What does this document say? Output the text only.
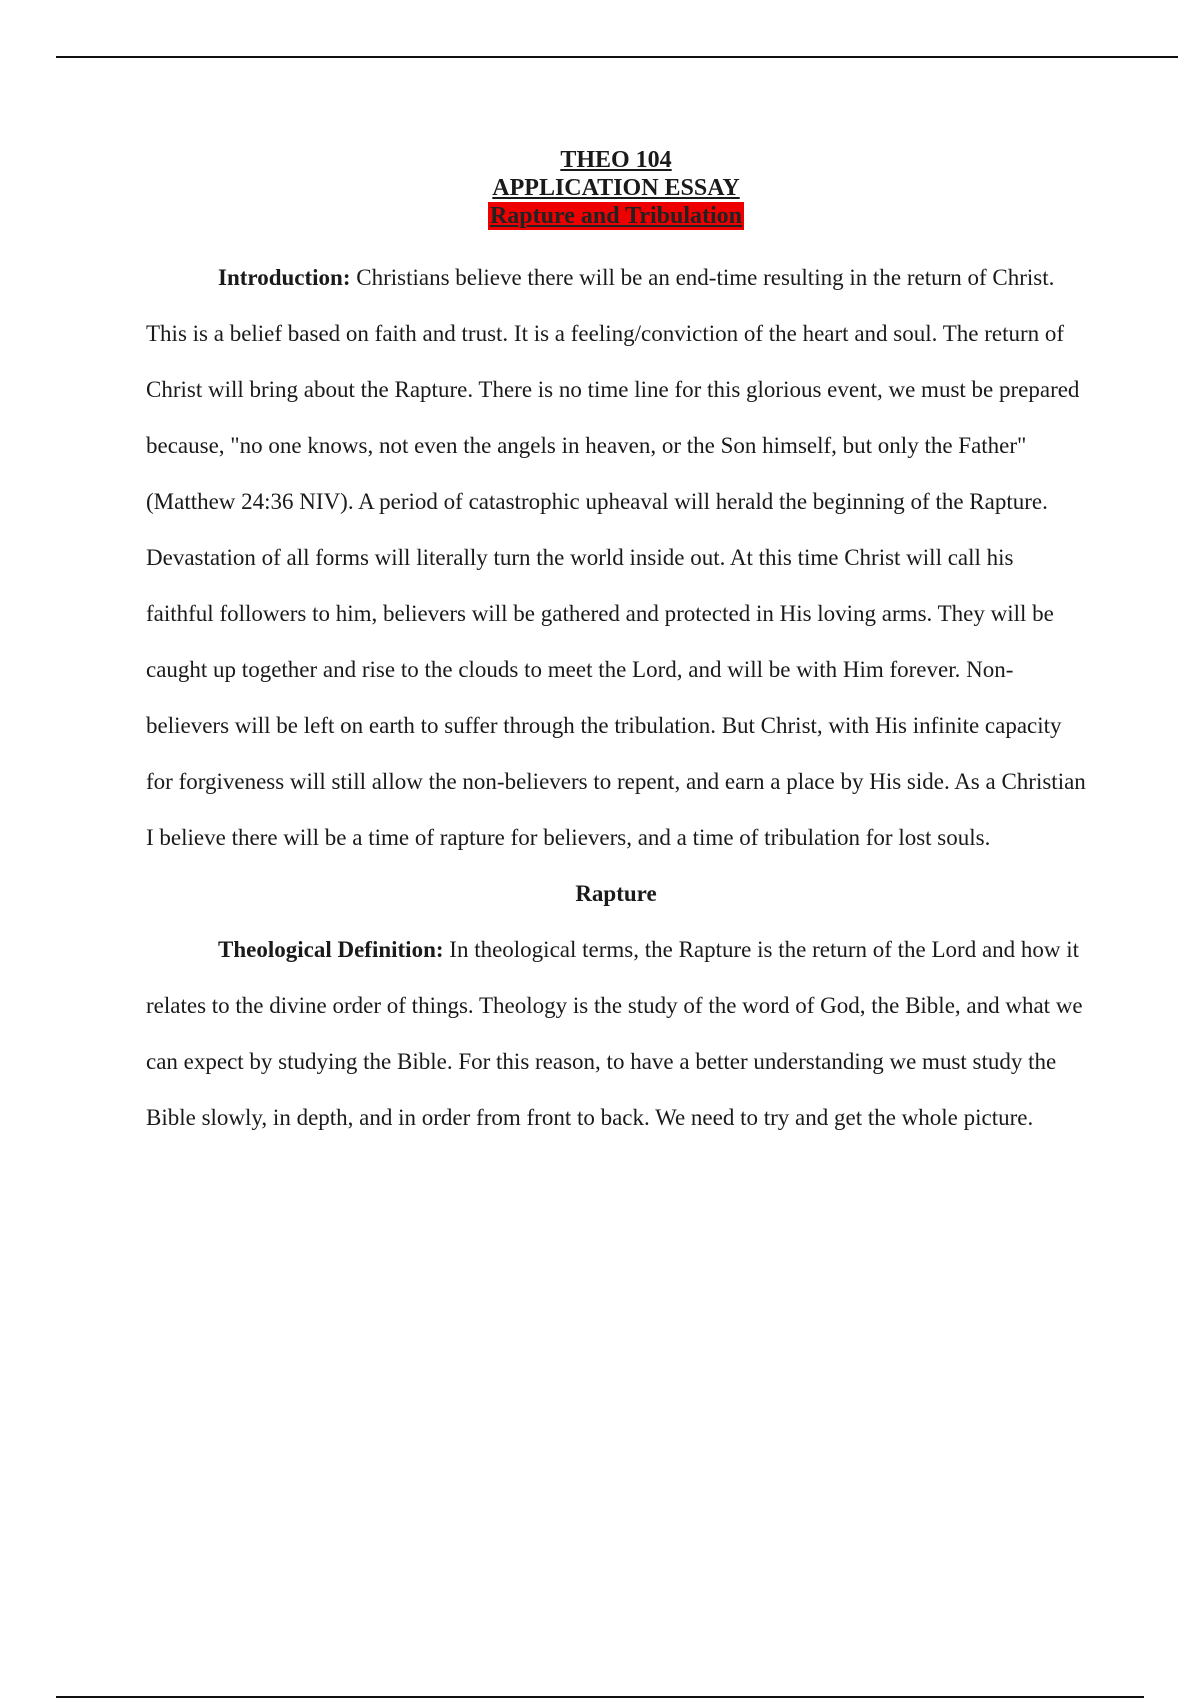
THEO 104
APPLICATION ESSAY
Rapture and Tribulation

Introduction: Christians believe there will be an end-time resulting in the return of Christ. This is a belief based on faith and trust. It is a feeling/conviction of the heart and soul. The return of Christ will bring about the Rapture. There is no time line for this glorious event, we must be prepared because, "no one knows, not even the angels in heaven, or the Son himself, but only the Father" (Matthew 24:36 NIV). A period of catastrophic upheaval will herald the beginning of the Rapture. Devastation of all forms will literally turn the world inside out. At this time Christ will call his faithful followers to him, believers will be gathered and protected in His loving arms. They will be caught up together and rise to the clouds to meet the Lord, and will be with Him forever. Non-believers will be left on earth to suffer through the tribulation. But Christ, with His infinite capacity for forgiveness will still allow the non-believers to repent, and earn a place by His side. As a Christian I believe there will be a time of rapture for believers, and a time of tribulation for lost souls.

Rapture

Theological Definition: In theological terms, the Rapture is the return of the Lord and how it relates to the divine order of things. Theology is the study of the word of God, the Bible, and what we can expect by studying the Bible. For this reason, to have a better understanding we must study the Bible slowly, in depth, and in order from front to back. We need to try and get the whole picture.
